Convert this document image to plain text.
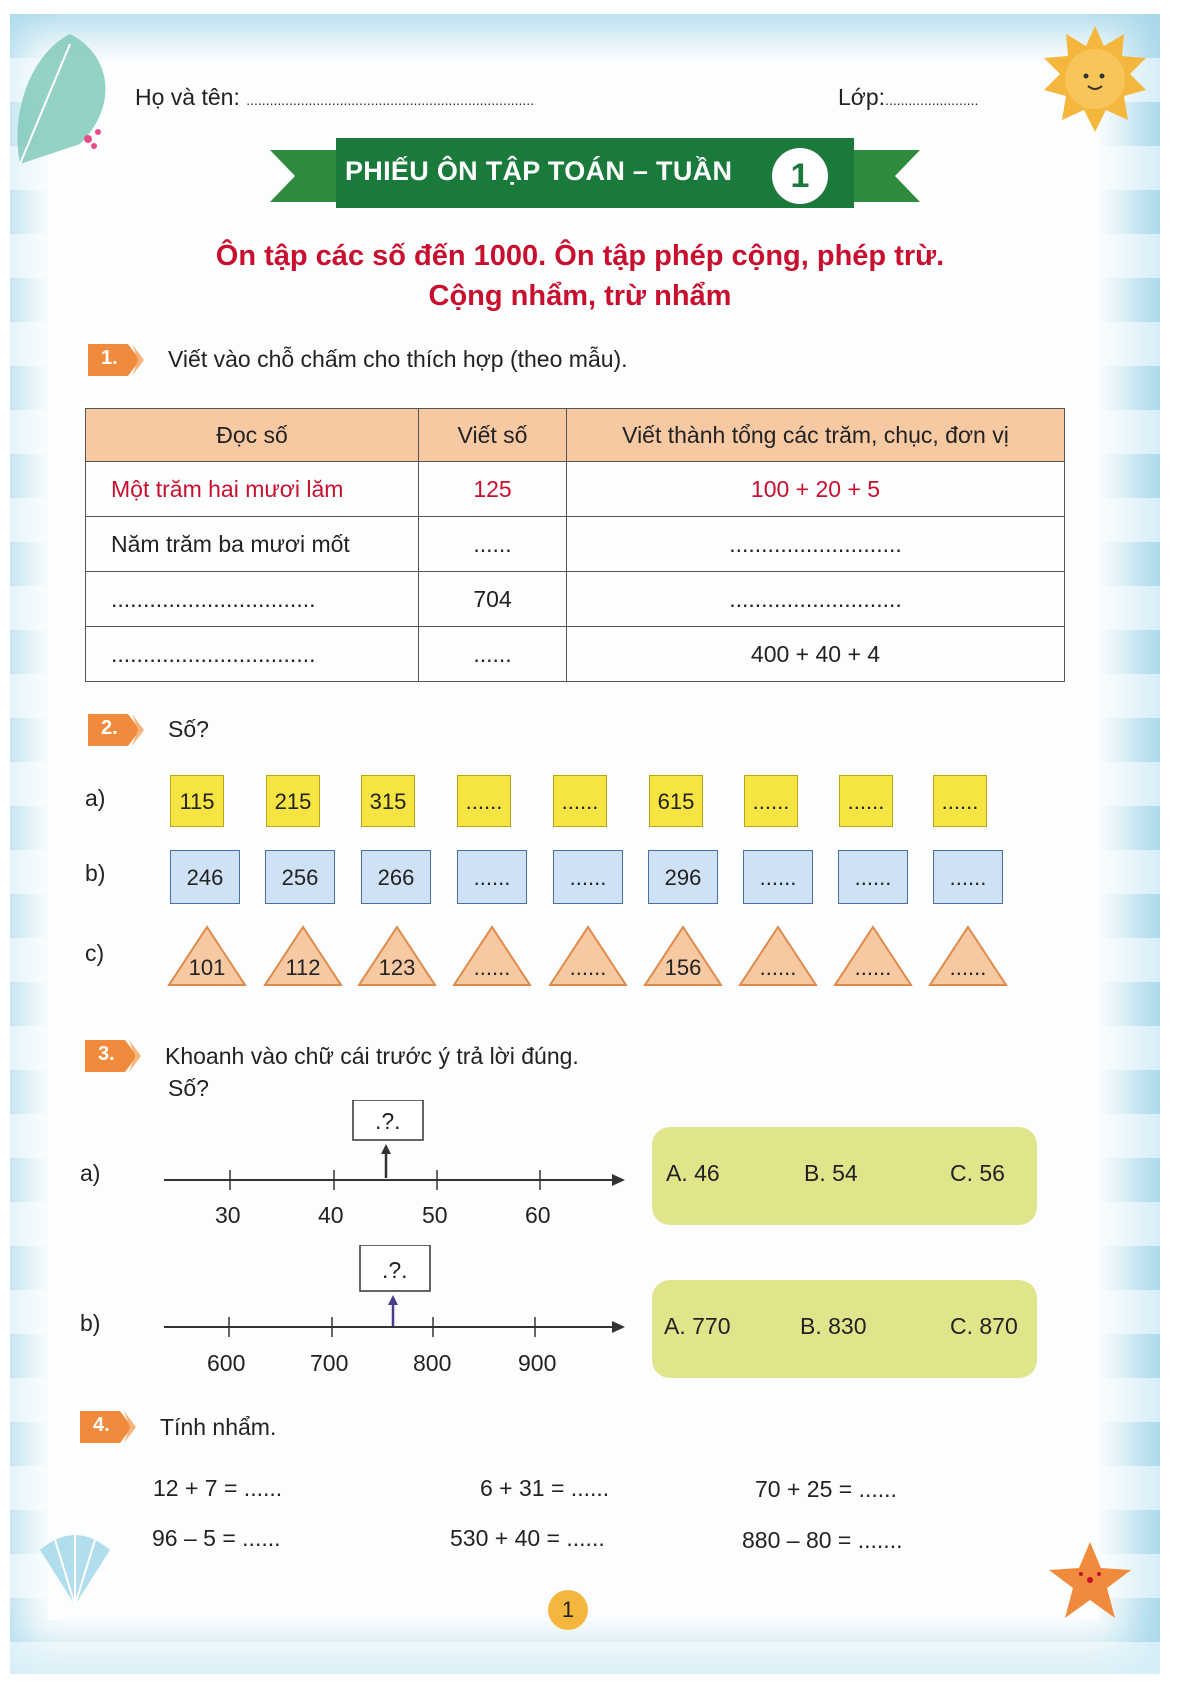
Họ và tên: ..........................................................................	Lớp:........................
PHIẾU ÔN TẬP TOÁN – TUẦN	1
Ôn tập các số đến 1000. Ôn tập phép cộng, phép trừ.
Cộng nhẩm, trừ nhẩm
1. Viết vào chỗ chấm cho thích hợp (theo mẫu).
Đọc số	Viết số	Viết thành tổng các trăm, chục, đơn vị
Một trăm hai mươi lăm	125	100 + 20 + 5
Năm trăm ba mươi mốt	......	...........................
................................	704	...........................
................................	......	400 + 40 + 4
2. Số?
a)	115	215	315	......	......	615	......	......	......
b)	246	256	266	......	......	296	......	......	......
c)
101	112	123	......	......	156	......	......	......
3. Khoanh vào chữ cái trước ý trả lời đúng.
Số?
a)
.?.
30	40	50	60
A. 46	B. 54	C. 56
b)
.?.
600	700	800	900
A. 770	B. 830	C. 870
4. Tính nhẩm.
12 + 7 = ......	6 + 31 = ......	70 + 25 = ......
96 – 5 = ......	530 + 40 = ......	880 – 80 = .......
1
